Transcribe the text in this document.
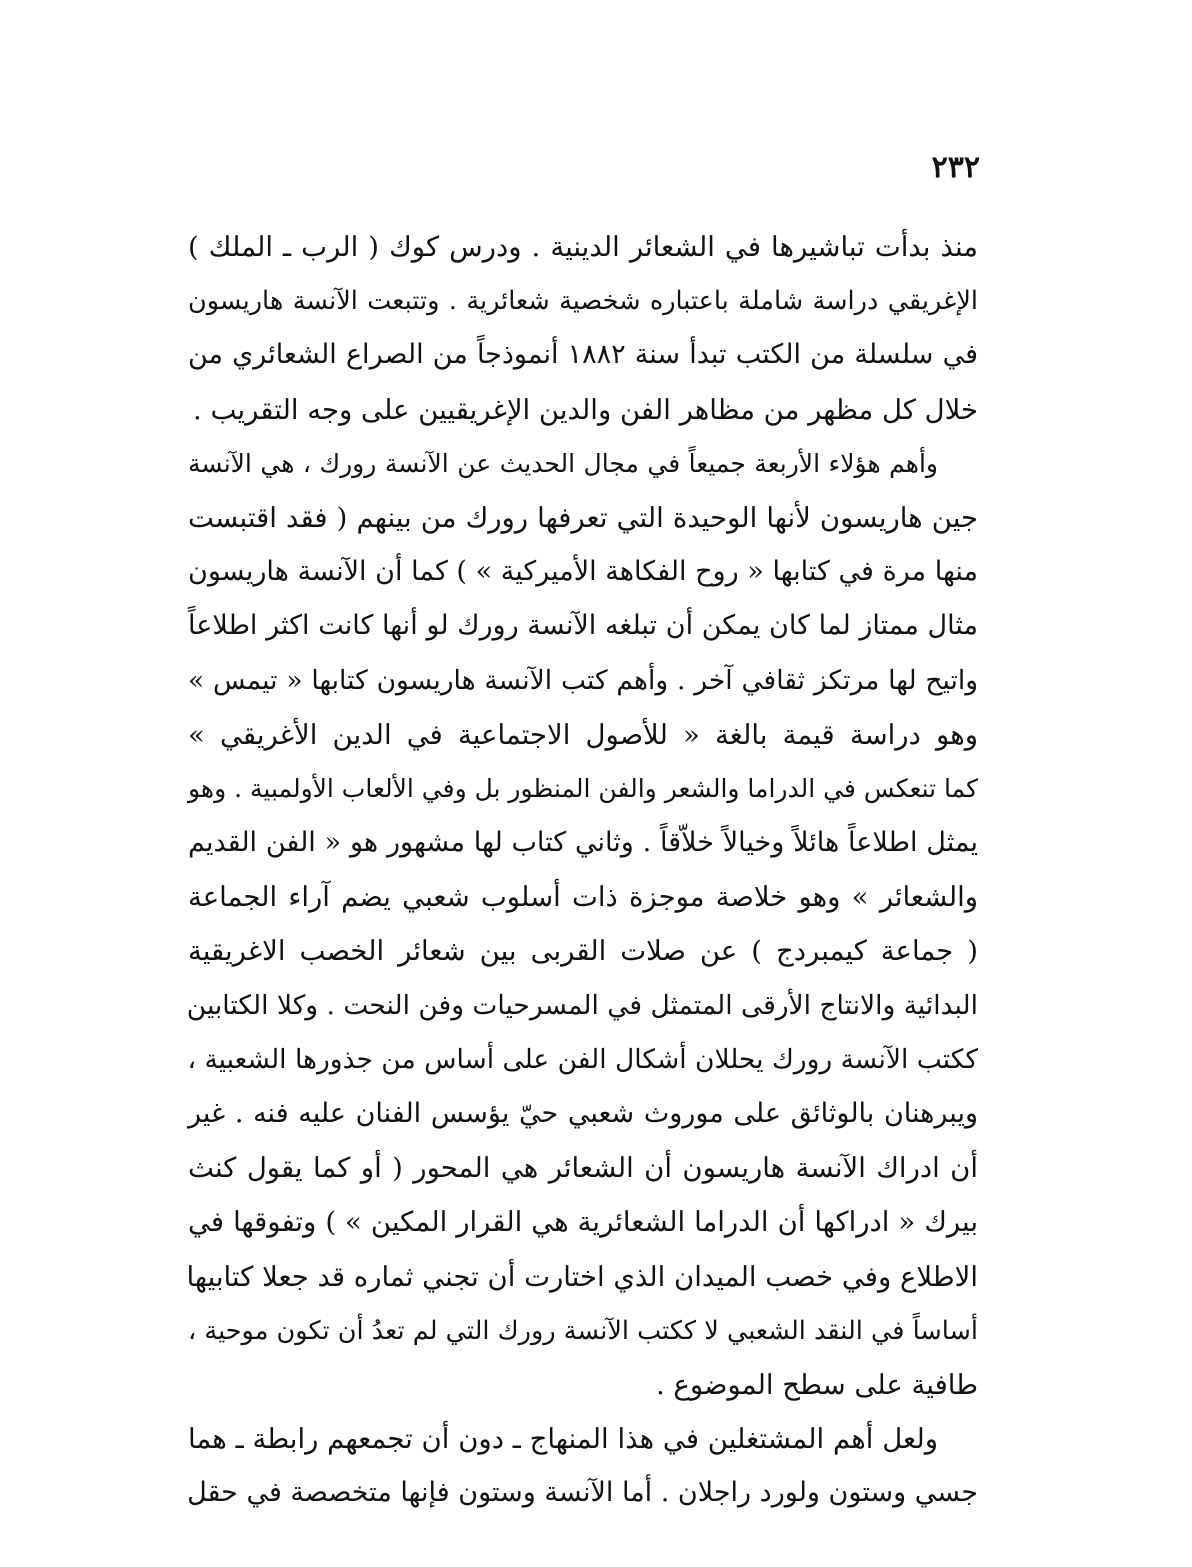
٢٣٢
منذ بدأت تباشيرها في الشعائر الدينية . ودرس كوك ( الرب ـ الملك )
الإغريقي دراسة شاملة باعتباره شخصية شعائرية . وتتبعت الآنسة هاريسون
في سلسلة من الكتب تبدأ سنة ١٨٨٢ أنموذجاً من الصراع الشعائري من
خلال كل مظهر من مظاهر الفن والدين الإغريقيين على وجه التقريب .
وأهم هؤلاء الأربعة جميعاً في مجال الحديث عن الآنسة رورك ، هي الآنسة
جين هاريسون لأنها الوحيدة التي تعرفها رورك من بينهم ( فقد اقتبست
منها مرة في كتابها « روح الفكاهة الأميركية » ) كما أن الآنسة هاريسون
مثال ممتاز لما كان يمكن أن تبلغه الآنسة رورك لو أنها كانت اكثر اطلاعاً
واتيح لها مرتكز ثقافي آخر . وأهم كتب الآنسة هاريسون كتابها « تيمس »
وهو دراسة قيمة بالغة « للأصول الاجتماعية في الدين الأغريقي »
كما تنعكس في الدراما والشعر والفن المنظور بل وفي الألعاب الأولمبية . وهو
يمثل اطلاعاً هائلاً وخيالاً خلاّقاً . وثاني كتاب لها مشهور هو « الفن القديم
والشعائر » وهو خلاصة موجزة ذات أسلوب شعبي يضم آراء الجماعة
( جماعة كيمبردج ) عن صلات القربى بين شعائر الخصب الاغريقية
البدائية والانتاج الأرقى المتمثل في المسرحيات وفن النحت . وكلا الكتابين
ككتب الآنسة رورك يحللان أشكال الفن على أساس من جذورها الشعبية ،
ويبرهنان بالوثائق على موروث شعبي حيّ يؤسس الفنان عليه فنه . غير
أن ادراك الآنسة هاريسون أن الشعائر هي المحور ( أو كما يقول كنث
بيرك « ادراكها أن الدراما الشعائرية هي القرار المكين » ) وتفوقها في
الاطلاع وفي خصب الميدان الذي اختارت أن تجني ثماره قد جعلا كتابيها
أساساً في النقد الشعبي لا ككتب الآنسة رورك التي لم تعدُ أن تكون موحية ،
طافية على سطح الموضوع .
ولعل أهم المشتغلين في هذا المنهاج ـ دون أن تجمعهم رابطة ـ هما
جسي وستون ولورد راجلان . أما الآنسة وستون فإنها متخصصة في حقل
